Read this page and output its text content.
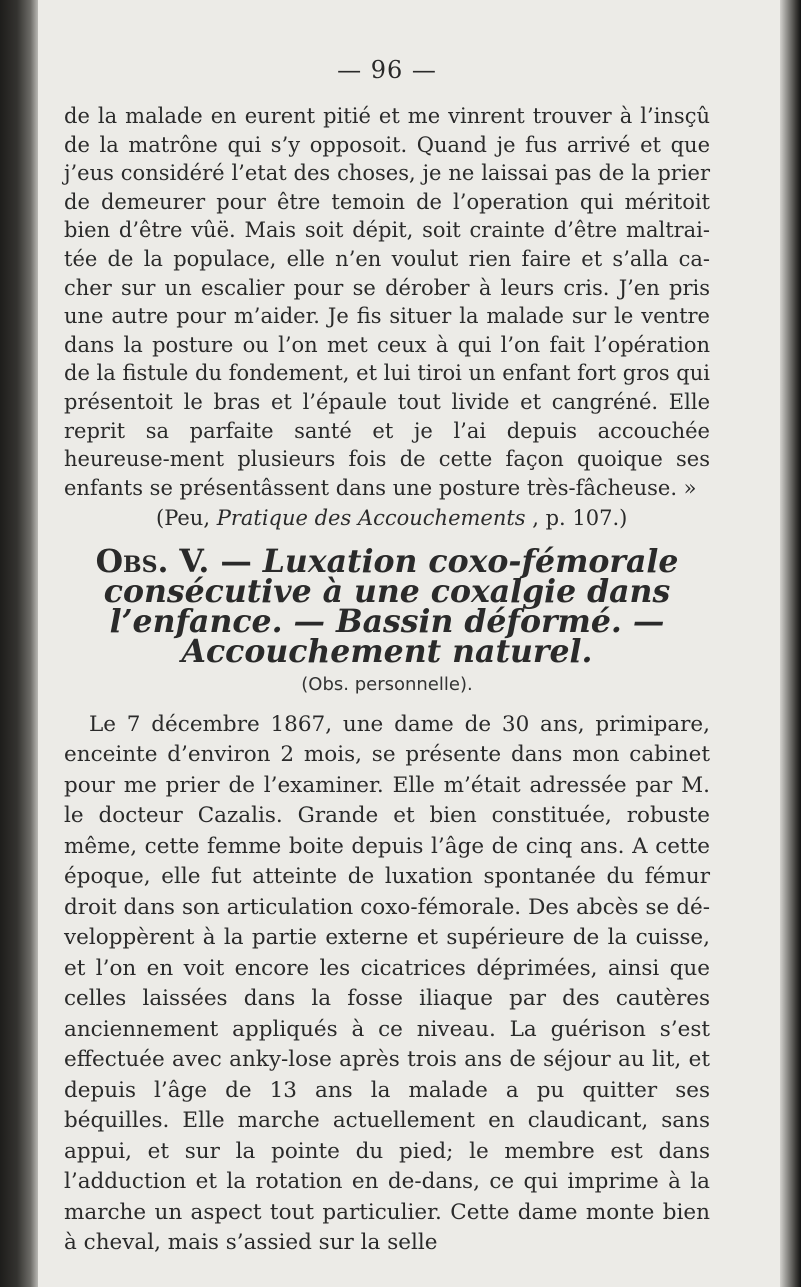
— 96 —

de la malade en eurent pitié et me vinrent trouver à l’insçû de la matrône qui s’y opposoit. Quand je fus arrivé et que j’eus considéré l’etat des choses, je ne laissai pas de la prier de demeurer pour être temoin de l’operation qui méritoit bien d’être vûë. Mais soit dépit, soit crainte d’être maltrai-tée de la populace, elle n’en voulut rien faire et s’alla ca-cher sur un escalier pour se dérober à leurs cris. J’en pris une autre pour m’aider. Je fis situer la malade sur le ventre dans la posture ou l’on met ceux à qui l’on fait l’opération de la fistule du fondement, et lui tiroi un enfant fort gros qui présentoit le bras et l’épaule tout livide et cangréné. Elle reprit sa parfaite santé et je l’ai depuis accouchée heureuse-ment plusieurs fois de cette façon quoique ses enfants se présentâssent dans une posture très-fâcheuse. »

(Peu, Pratique des Accouchements , p. 107.)

Obs. V. — Luxation coxo-fémorale consécutive à une coxalgie dans l’enfance. — Bassin déformé. — Accouchement naturel.

(Obs. personnelle).

Le 7 décembre 1867, une dame de 30 ans, primipare, enceinte d’environ 2 mois, se présente dans mon cabinet pour me prier de l’examiner. Elle m’était adressée par M. le docteur Cazalis. Grande et bien constituée, robuste même, cette femme boite depuis l’âge de cinq ans. A cette époque, elle fut atteinte de luxation spontanée du fémur droit dans son articulation coxo-fémorale. Des abcès se dé-veloppèrent à la partie externe et supérieure de la cuisse, et l’on en voit encore les cicatrices déprimées, ainsi que celles laissées dans la fosse iliaque par des cautères anciennement appliqués à ce niveau. La guérison s’est effectuée avec anky-lose après trois ans de séjour au lit, et depuis l’âge de 13 ans la malade a pu quitter ses béquilles. Elle marche actuellement en claudicant, sans appui, et sur la pointe du pied; le membre est dans l’adduction et la rotation en de-dans, ce qui imprime à la marche un aspect tout particulier. Cette dame monte bien à cheval, mais s’assied sur la selle
